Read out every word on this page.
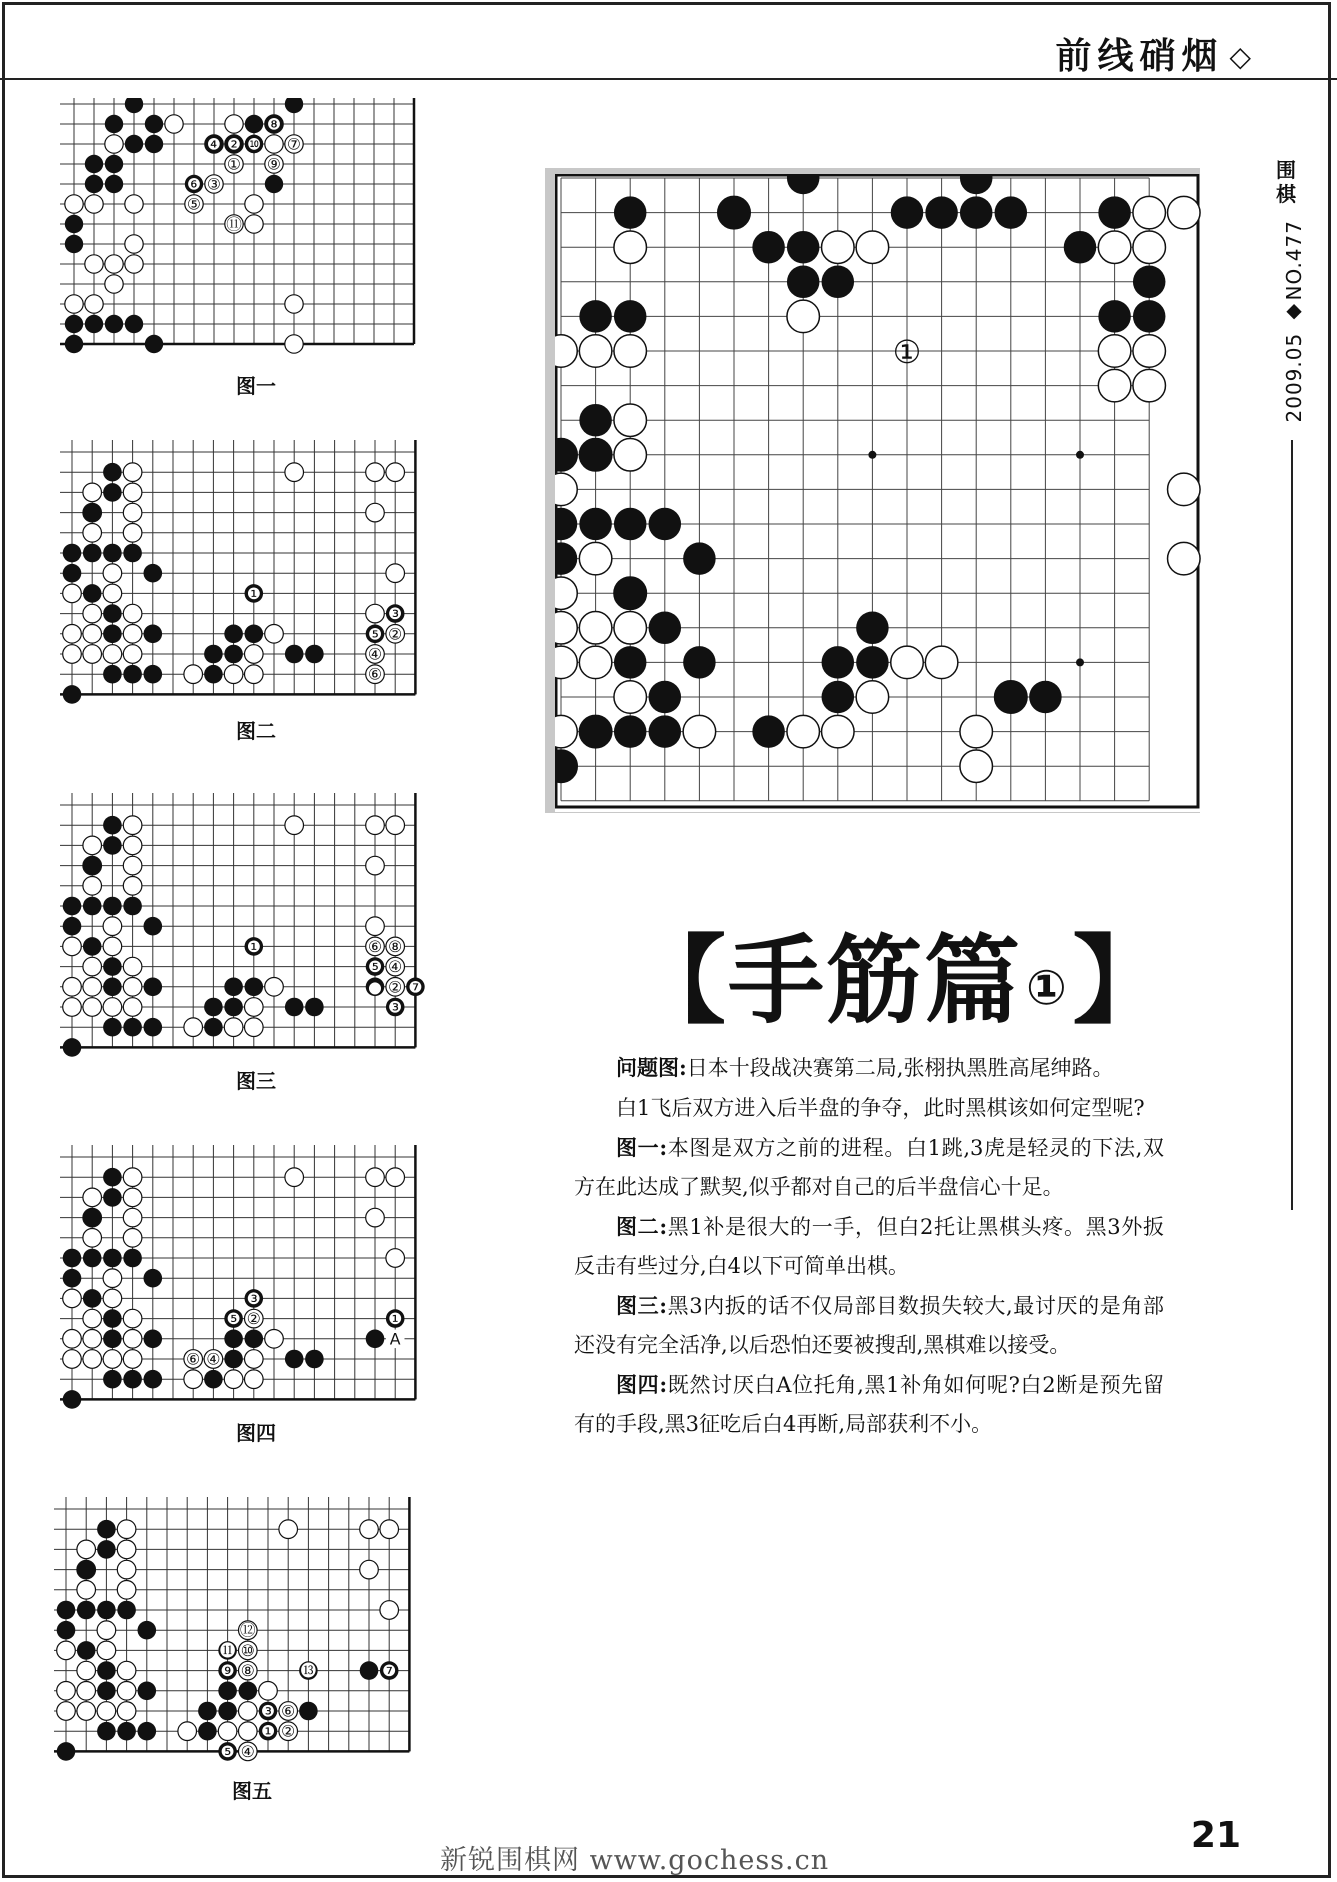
前线硝烟 ◇
围棋
2009.05 ◆NO.477
❹ ❷ ❿
❽
⑦
⑨
①
❻ ③
⑤
⑪
图一
❶
❸
②
❺
④
⑥
图二
❶	⑥ ⑧
❺ ④
● ② ❼
❸
图三
❸
❺ ②	❶
A
⑥ ④
图四
⑫
⓫ ⑩
❾ ⑧	⓭	❼
❸ ⑥
❶ ②
❺ ④
图五
①
【手筋篇①】

问题图:日本十段战决赛第二局,张栩执黑胜高尾绅路。

白1飞后双方进入后半盘的争夺，此时黑棋该如何定型呢?

图一:本图是双方之前的进程。白1跳,3虎是轻灵的下法,双方在此达成了默契,似乎都对自己的后半盘信心十足。

图二:黑1补是很大的一手，但白2托让黑棋头疼。黑3外扳反击有些过分,白4以下可简单出棋。

图三:黑3内扳的话不仅局部目数损失较大,最讨厌的是角部还没有完全活净,以后恐怕还要被搜刮,黑棋难以接受。

图四:既然讨厌白A位托角,黑1补角如何呢?白2断是预先留有的手段,黑3征吃后白4再断,局部获利不小。

21
新锐围棋网 www.gochess.cn
